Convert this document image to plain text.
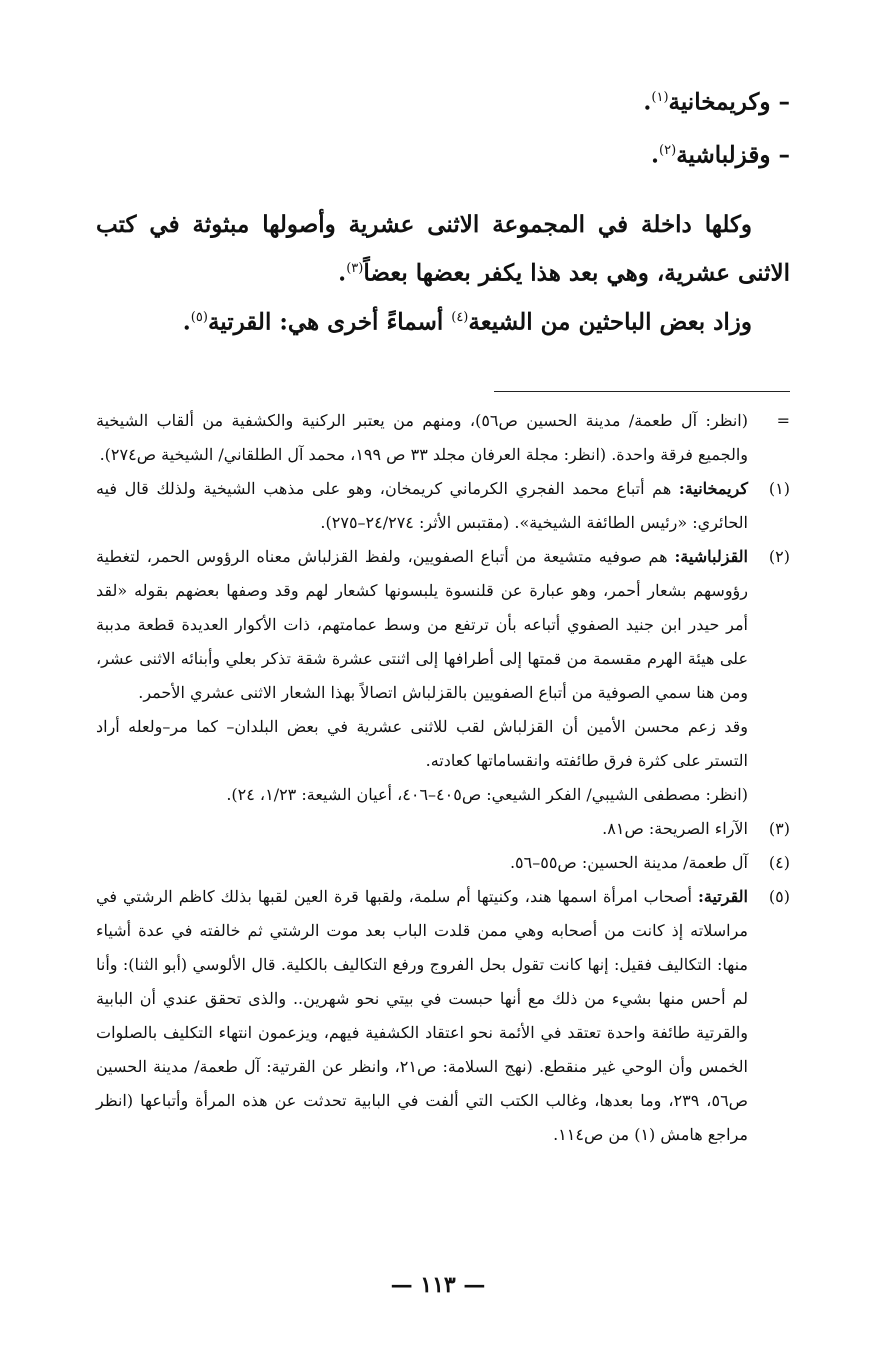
– وكريمخانية$^{(١)}$.

– وقزلباشية$^{(٢)}$.

وكلها داخلة في المجموعة الاثنى عشرية وأصولها مبثوثة في كتب الاثنى عشرية، وهي بعد هذا يكفر بعضها بعضاً$^{(٣)}$.

وزاد بعض الباحثين من الشيعة$^{(٤)}$ أسماءً أخرى هي: القرتية$^{(٥)}$.

=
(انظر: آل طعمة/ مدينة الحسين ص٥٦)، ومنهم من يعتبر الركنية والكشفية من ألقاب الشيخية والجميع فرقة واحدة. (انظر: مجلة العرفان مجلد ٣٣ ص ١٩٩، محمد آل الطلقاني/ الشيخية ص٢٧٤).
(١)
كريمخانية: هم أتباع محمد الفجري الكرماني كريمخان، وهو على مذهب الشيخية ولذلك قال فيه الحائري: «رئيس الطائفة الشيخية». (مقتبس الأثر: ٢٤/٢٧٤–٢٧٥).
(٢)
القزلباشية: هم صوفيه متشيعة من أتباع الصفويين، ولفظ القزلباش معناه الرؤوس الحمر، لتغطية رؤوسهم بشعار أحمر، وهو عبارة عن قلنسوة يلبسونها كشعار لهم وقد وصفها بعضهم بقوله «لقد أمر حيدر ابن جنيد الصفوي أتباعه بأن ترتفع من وسط عمامتهم، ذات الأكوار العديدة قطعة مدببة على هيئة الهرم مقسمة من قمتها إلى أطرافها إلى اثنتى عشرة شقة تذكر بعلي وأبنائه الاثنى عشر، ومن هنا سمي الصوفية من أتباع الصفويين بالقزلباش اتصالاً بهذا الشعار الاثنى عشري الأحمر.
وقد زعم محسن الأمين أن القزلباش لقب للاثنى عشرية في بعض البلدان– كما مر–ولعله أراد التستر على كثرة فرق طائفته وانقساماتها كعادته.
(انظر: مصطفى الشيبي/ الفكر الشيعي: ص٤٠٥–٤٠٦، أعيان الشيعة: ١/٢٣، ٢٤).
(٣)
الآراء الصريحة: ص٨١.
(٤)
آل طعمة/ مدينة الحسين: ص٥٥–٥٦.
(٥)
القرتية: أصحاب امرأة اسمها هند، وكنيتها أم سلمة، ولقبها قرة العين لقبها بذلك كاظم الرشتي في مراسلاته إذ كانت من أصحابه وهي ممن قلدت الباب بعد موت الرشتي ثم خالفته في عدة أشياء منها: التكاليف فقيل: إنها كانت تقول بحل الفروج ورفع التكاليف بالكلية. قال الألوسي (أبو الثنا): وأنا لم أحس منها بشيء من ذلك مع أنها حبست في بيتي نحو شهرين.. والذى تحقق عندي أن البابية والقرتية طائفة واحدة تعتقد في الأئمة نحو اعتقاد الكشفية فيهم، ويزعمون انتهاء التكليف بالصلوات الخمس وأن الوحي غير منقطع. (نهج السلامة: ص٢١، وانظر عن القرتية: آل طعمة/ مدينة الحسين ص٥٦، ٢٣٩، وما بعدها، وغالب الكتب التي ألفت في البابية تحدثت عن هذه المرأة وأتباعها (انظر مراجع هامش (١) من ص١١٤.
— ١١٣ —
